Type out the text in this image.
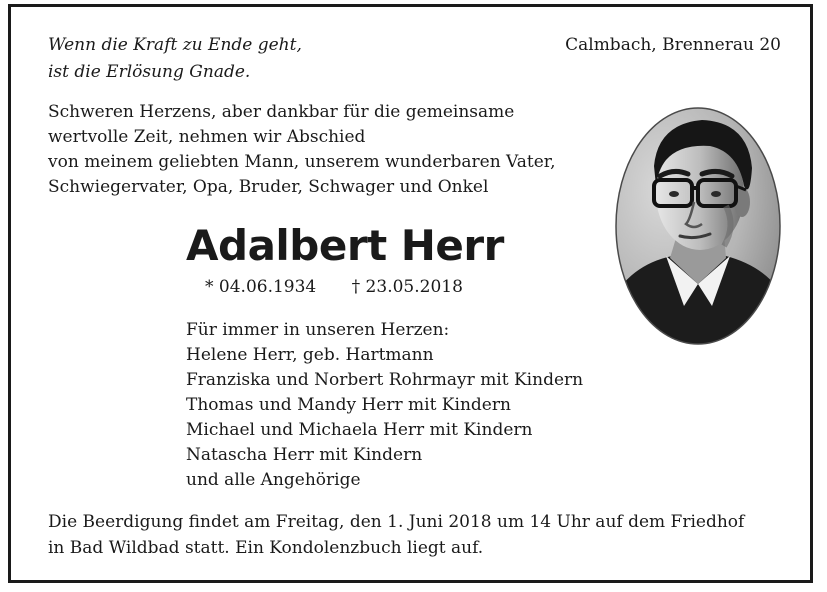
Wenn die Kraft zu Ende geht,
ist die Erlösung Gnade.
Calmbach, Brennerau 20
Schweren Herzens, aber dankbar für die gemeinsame
wertvolle Zeit, nehmen wir Abschied
von meinem geliebten Mann, unserem wunderbaren Vater,
Schwiegervater, Opa, Bruder, Schwager und Onkel
Adalbert Herr
* 04.06.1934 † 23.05.2018
Für immer in unseren Herzen:
Helene Herr, geb. Hartmann
Franziska und Norbert Rohrmayr mit Kindern
Thomas und Mandy Herr mit Kindern
Michael und Michaela Herr mit Kindern
Natascha Herr mit Kindern
und alle Angehörige
Die Beerdigung findet am Freitag, den 1. Juni 2018 um 14 Uhr auf dem Friedhof
in Bad Wildbad statt. Ein Kondolenzbuch liegt auf.
